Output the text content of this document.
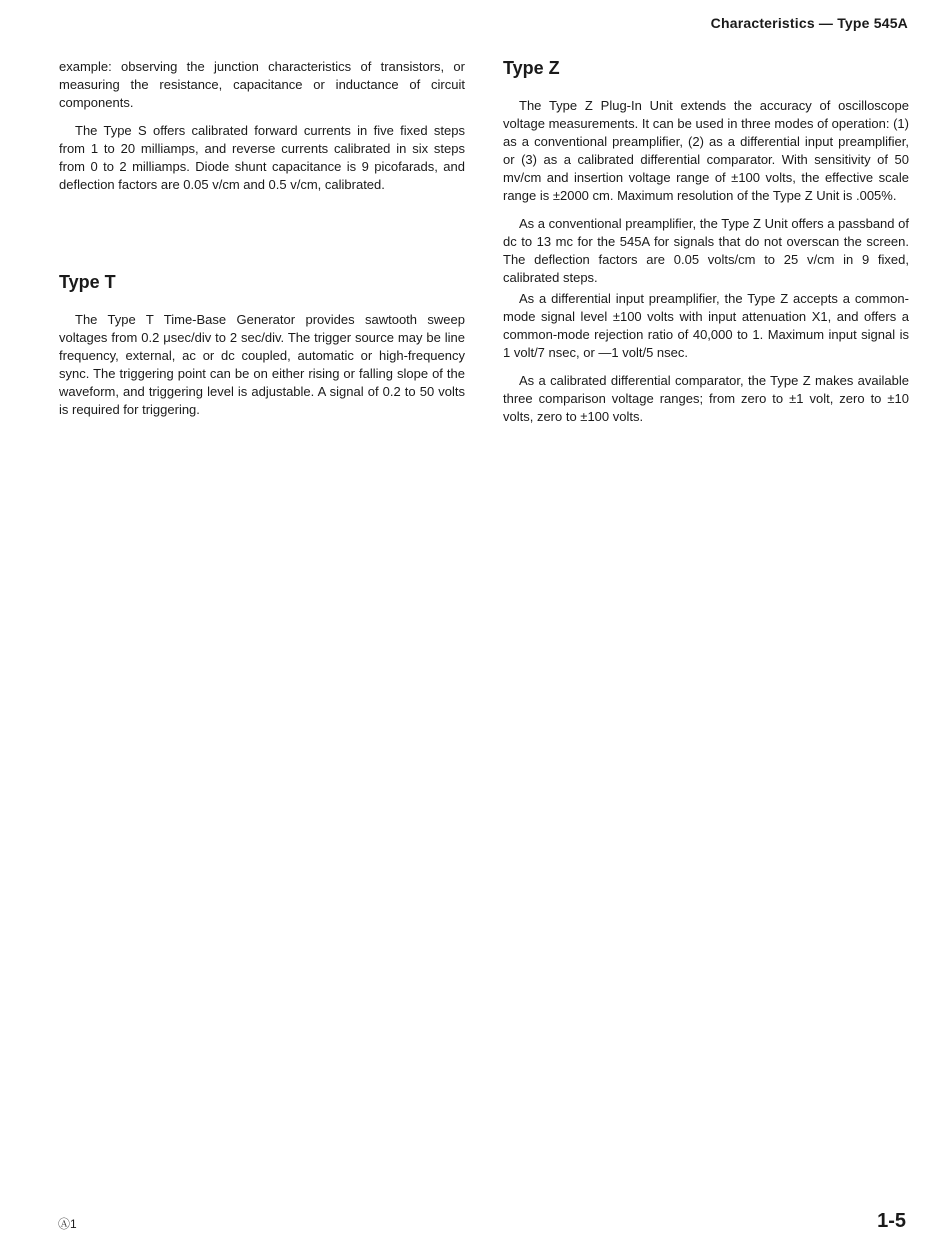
Characteristics — Type 545A

example: observing the junction characteristics of transistors, or measuring the resistance, capacitance or inductance of circuit components.

The Type S offers calibrated forward currents in five fixed steps from 1 to 20 milliamps, and reverse currents calibrated in six steps from 0 to 2 milliamps. Diode shunt capacitance is 9 picofarads, and deflection factors are 0.05 v/cm and 0.5 v/cm, calibrated.

Type T

The Type T Time-Base Generator provides sawtooth sweep voltages from 0.2 μsec/div to 2 sec/div. The trigger source may be line frequency, external, ac or dc coupled, automatic or high-frequency sync. The triggering point can be on either rising or falling slope of the waveform, and triggering level is adjustable. A signal of 0.2 to 50 volts is required for triggering.

Type Z

The Type Z Plug-In Unit extends the accuracy of oscilloscope voltage measurements. It can be used in three modes of operation: (1) as a conventional preamplifier, (2) as a differential input preamplifier, or (3) as a calibrated differential comparator. With sensitivity of 50 mv/cm and insertion voltage range of ±100 volts, the effective scale range is ±2000 cm. Maximum resolution of the Type Z Unit is .005%.

As a conventional preamplifier, the Type Z Unit offers a passband of dc to 13 mc for the 545A for signals that do not overscan the screen. The deflection factors are 0.05 volts/cm to 25 v/cm in 9 fixed, calibrated steps.

As a differential input preamplifier, the Type Z accepts a common-mode signal level ±100 volts with input attenuation X1, and offers a common-mode rejection ratio of 40,000 to 1. Maximum input signal is 1 volt/7 nsec, or —1 volt/5 nsec.

As a calibrated differential comparator, the Type Z makes available three comparison voltage ranges; from zero to ±1 volt, zero to ±10 volts, zero to ±100 volts.

Ⓐ1	1-5
